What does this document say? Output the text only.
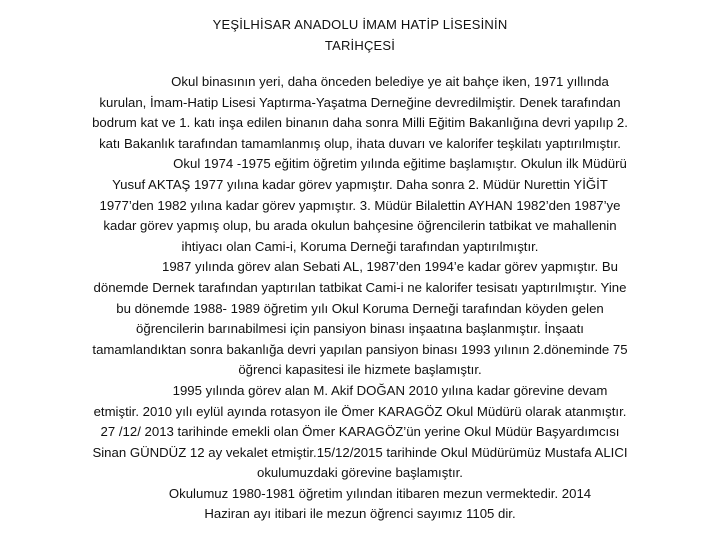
YEŞİLHİSAR ANADOLU İMAM HATİP LİSESİNİN
TARİHÇESİ
Okul binasının yeri, daha önceden belediye ye ait bahçe iken, 1971 yıllında
kurulan, İmam-Hatip Lisesi Yaptırma-Yaşatma Derneğine devredilmiştir. Denek tarafından
bodrum kat ve 1. katı inşa edilen binanın daha sonra Milli Eğitim Bakanlığına devri yapılıp 2.
katı Bakanlık tarafından tamamlanmış olup, ihata duvarı ve kalorifer teşkilatı yaptırılmıştır.
Okul 1974 -1975 eğitim öğretim yılında eğitime başlamıştır. Okulun ilk Müdürü
Yusuf AKTAŞ 1977 yılına kadar görev yapmıştır. Daha sonra 2. Müdür Nurettin YİĞİT
1977’den 1982 yılına kadar görev yapmıştır. 3. Müdür Bilalettin AYHAN 1982’den 1987’ye
kadar görev yapmış olup, bu arada okulun bahçesine öğrencilerin tatbikat ve mahallenin
ihtiyacı olan Cami-i, Koruma Derneği tarafından yaptırılmıştır.
1987 yılında görev alan Sebati AL, 1987’den 1994’e kadar görev yapmıştır. Bu
dönemde Dernek tarafından yaptırılan tatbikat Cami-i ne kalorifer tesisatı yaptırılmıştır. Yine
bu dönemde 1988- 1989 öğretim yılı Okul Koruma Derneği tarafından köyden gelen
öğrencilerin barınabilmesi için pansiyon binası inşaatına başlanmıştır. İnşaatı
tamamlandıktan sonra bakanlığa devri yapılan pansiyon binası 1993 yılının 2.döneminde 75
öğrenci kapasitesi ile hizmete başlamıştır.
1995 yılında görev alan M. Akif DOĞAN 2010 yılına kadar görevine devam
etmiştir. 2010 yılı eylül ayında rotasyon ile Ömer KARAGÖZ Okul Müdürü olarak atanmıştır.
27 /12/ 2013 tarihinde emekli olan Ömer KARAGÖZ’ün yerine Okul Müdür Başyardımcısı
Sinan GÜNDÜZ 12 ay vekalet etmiştir.15/12/2015 tarihinde Okul Müdürümüz Mustafa ALICI
okulumuzdaki görevine başlamıştır.
Okulumuz 1980-1981 öğretim yılından itibaren mezun vermektedir. 2014
Haziran ayı itibari ile mezun öğrenci sayımız 1105 dir.
